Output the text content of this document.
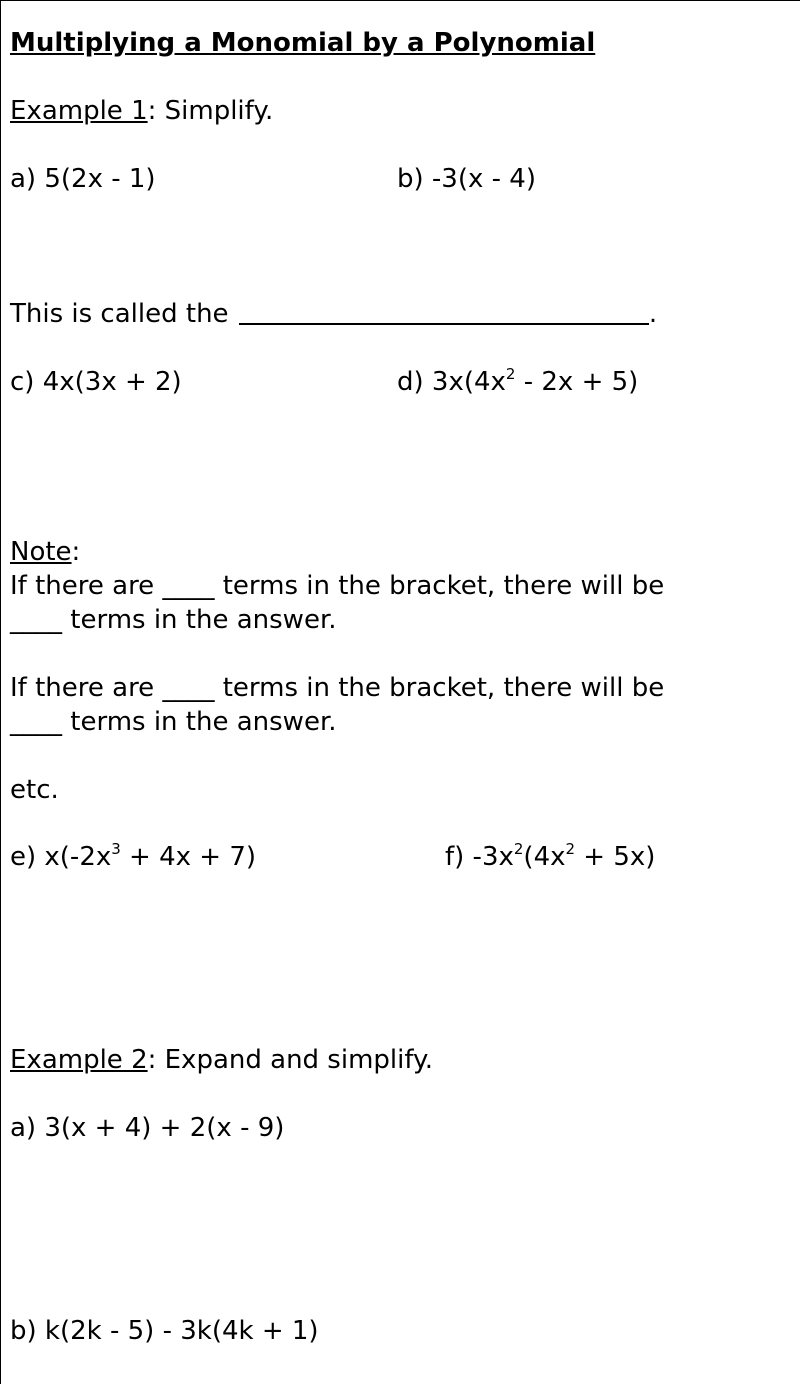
Multiplying a Monomial by a Polynomial
Example 1: Simplify.
a) 5(2x - 1)	b) -3(x - 4)
This is called the	.
c) 4x(3x + 2)	d) $3x(4x^2 - 2x + 5)$
Note:
If there are ____ terms in the bracket, there will be
____ terms in the answer.
If there are ____ terms in the bracket, there will be
____ terms in the answer.
etc.
e) $x(-2x^3 + 4x + 7)$	f) $-3x^2(4x^2 + 5x)$
Example 2: Expand and simplify.
a) 3(x + 4) + 2(x - 9)
b) k(2k - 5) - 3k(4k + 1)
